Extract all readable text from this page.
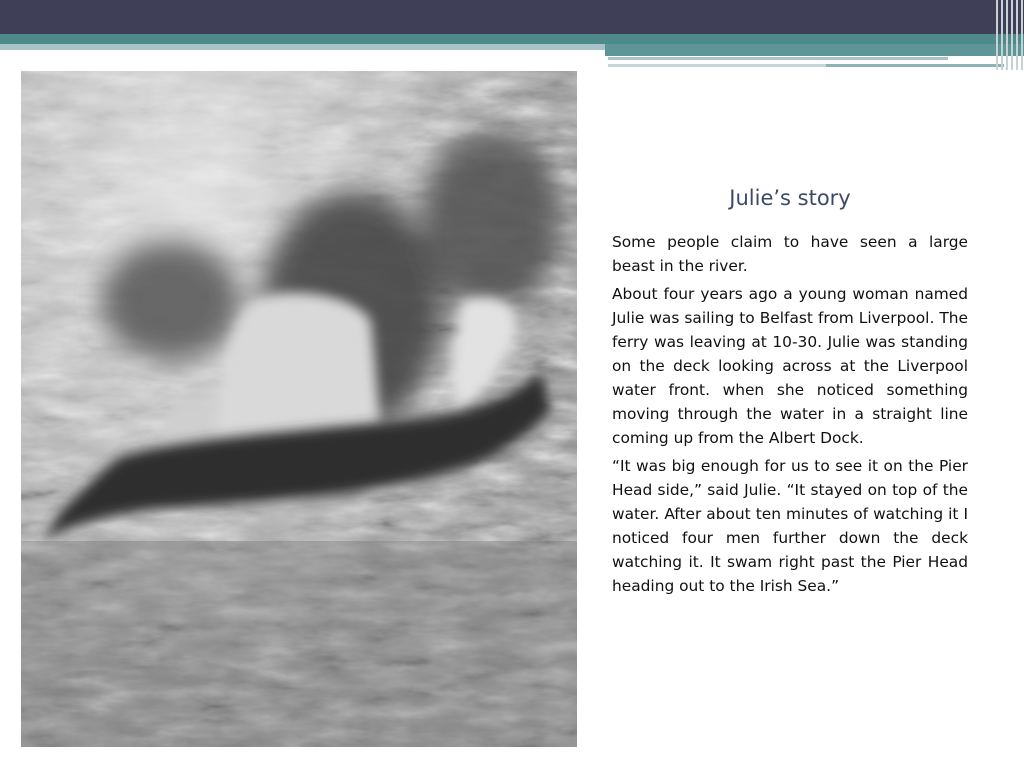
Julie’s story

Some people claim to have seen a large beast in the river.

About four years ago a young woman named Julie was sailing to Belfast from Liverpool. The ferry was leaving at 10-30. Julie was standing on the deck looking across at the Liverpool water front. when she noticed something moving through the water in a straight line coming up from the Albert Dock.

“It was big enough for us to see it on the Pier Head side,” said Julie. “It stayed on top of the water. After about ten minutes of watching it I noticed four men further down the deck watching it. It swam right past the Pier Head heading out to the Irish Sea.”
